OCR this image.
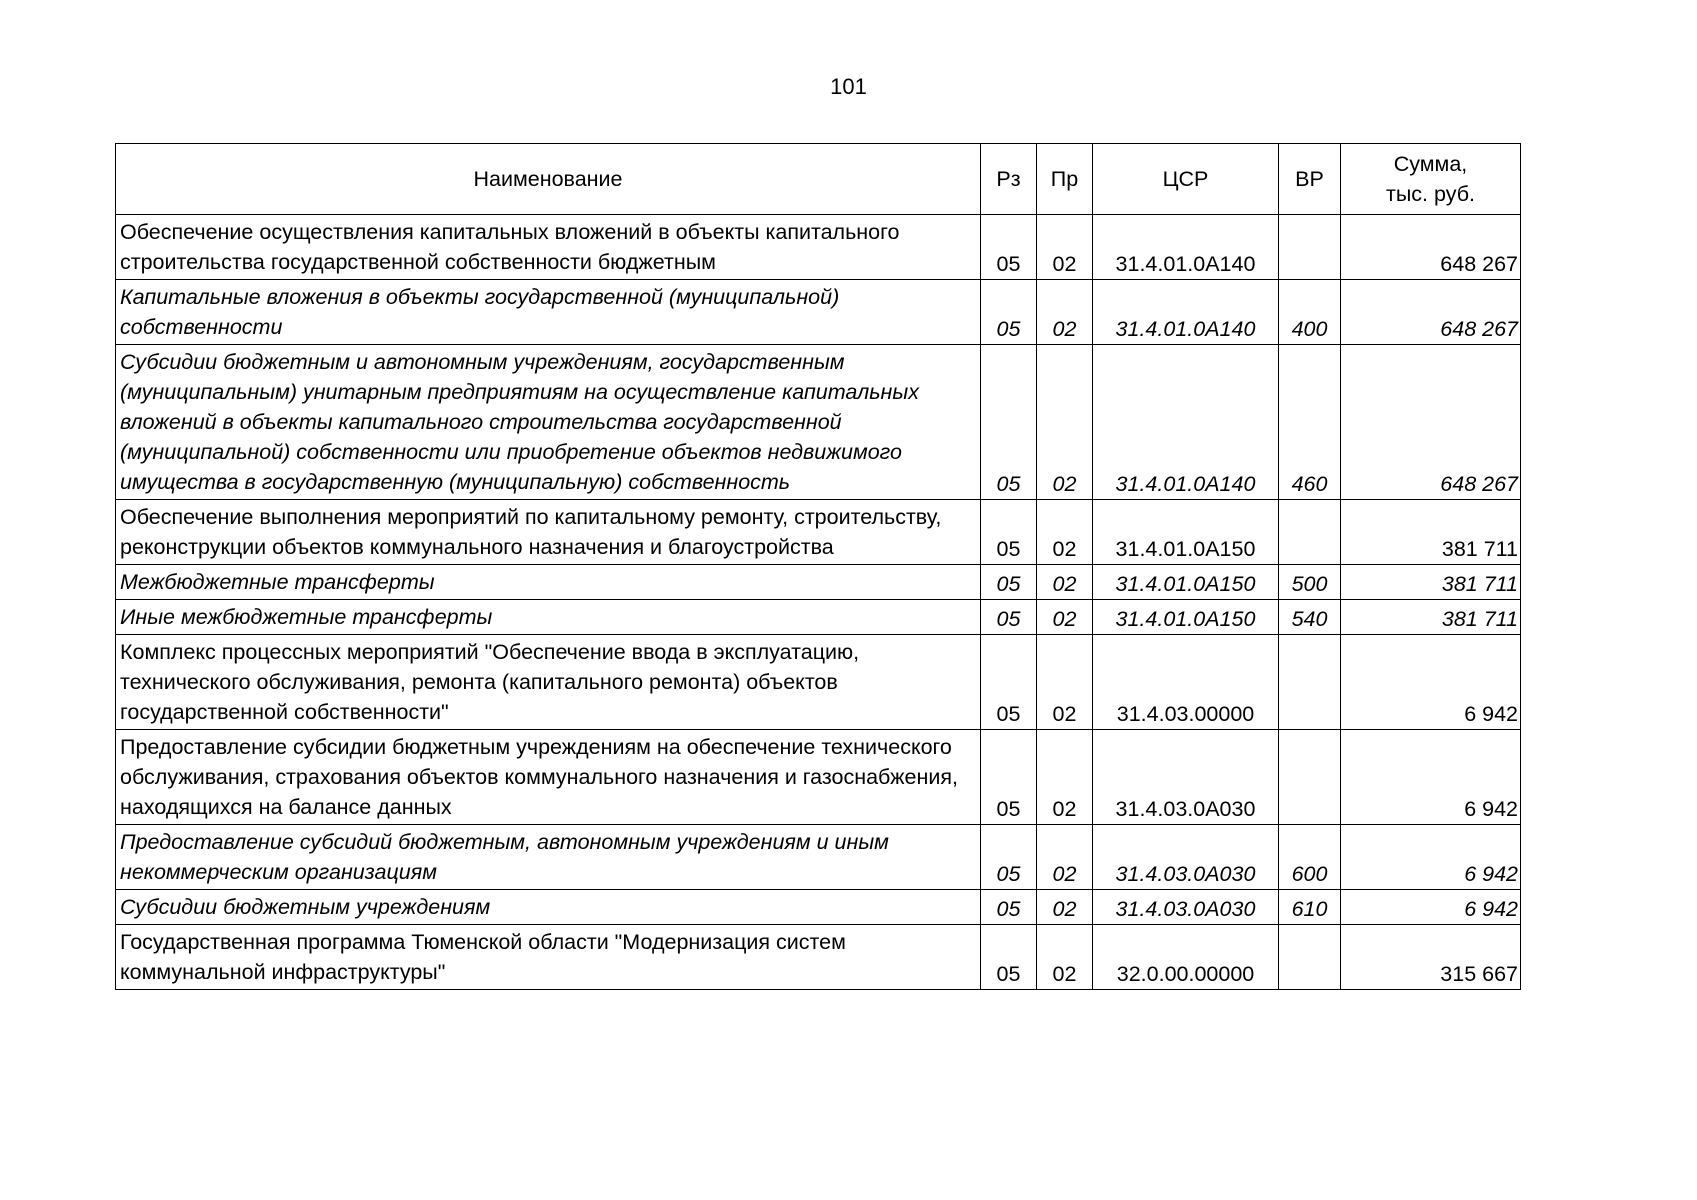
101
Наименование	Рз	Пр	ЦСР	ВР	Сумма,
тыс. руб.

Обеспечение осуществления капитальных вложений в объекты капитального строительства государственной собственности бюджетным	05	02	31.4.01.0А140		648 267
Капитальные вложения в объекты государственной (муниципальной) собственности	05	02	31.4.01.0А140	400	648 267
Субсидии бюджетным и автономным учреждениям, государственным (муниципальным) унитарным предприятиям на осуществление капитальных вложений в объекты капитального строительства государственной (муниципальной) собственности или приобретение объектов недвижимого имущества в государственную (муниципальную) собственность	05	02	31.4.01.0А140	460	648 267
Обеспечение выполнения мероприятий по капитальному ремонту, строительству, реконструкции объектов коммунального назначения и благоустройства	05	02	31.4.01.0А150		381 711
Межбюджетные трансферты	05	02	31.4.01.0А150	500	381 711
Иные межбюджетные трансферты	05	02	31.4.01.0А150	540	381 711
Комплекс процессных мероприятий "Обеспечение ввода в эксплуатацию, технического обслуживания, ремонта (капитального ремонта) объектов государственной собственности"	05	02	31.4.03.00000		6 942
Предоставление субсидии бюджетным учреждениям на обеспечение технического обслуживания, страхования объектов коммунального назначения и газоснабжения, находящихся на балансе данных	05	02	31.4.03.0А030		6 942
Предоставление субсидий бюджетным, автономным учреждениям и иным некоммерческим организациям	05	02	31.4.03.0А030	600	6 942
Субсидии бюджетным учреждениям	05	02	31.4.03.0А030	610	6 942
Государственная программа Тюменской области "Модернизация систем коммунальной инфраструктуры"	05	02	32.0.00.00000		315 667
